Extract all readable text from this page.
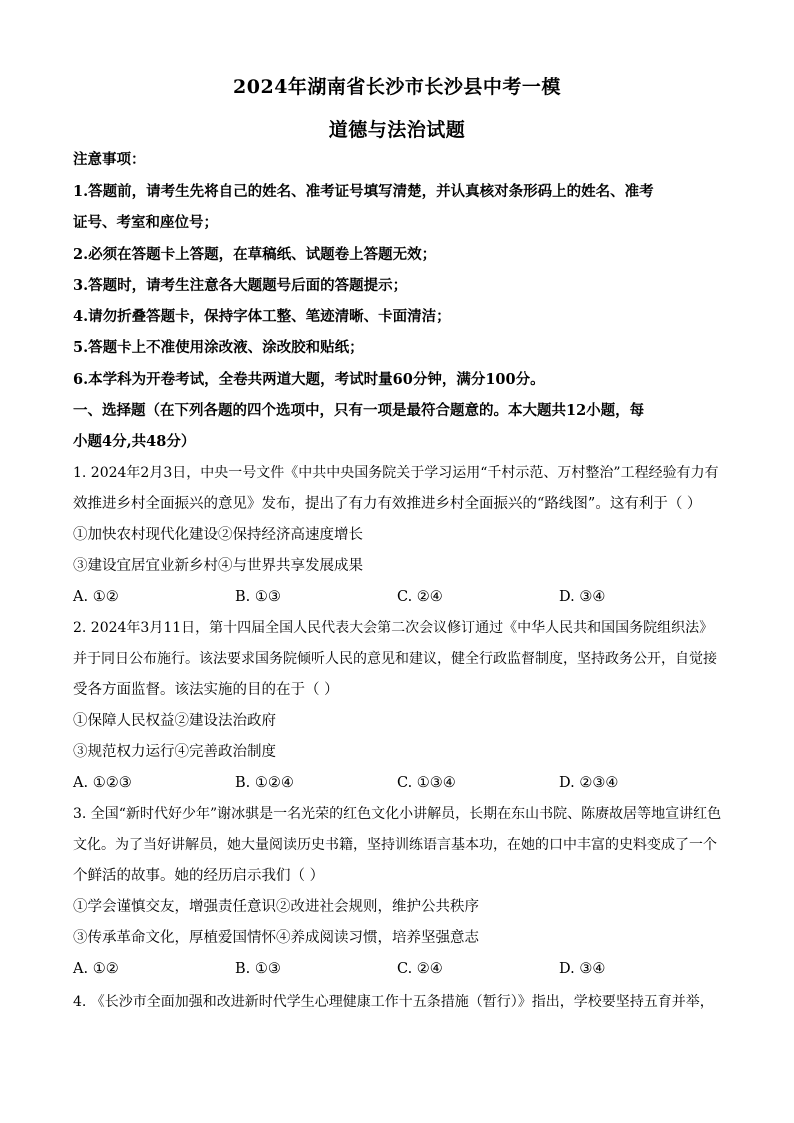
2024年湖南省长沙市长沙县中考一模
道德与法治试题
注意事项：
1.答题前，请考生先将自己的姓名、准考证号填写清楚，并认真核对条形码上的姓名、准考
证号、考室和座位号；
2.必须在答题卡上答题，在草稿纸、试题卷上答题无效；
3.答题时，请考生注意各大题题号后面的答题提示；
4.请勿折叠答题卡，保持字体工整、笔迹清晰、卡面清洁；
5.答题卡上不准使用涂改液、涂改胶和贴纸；
6.本学科为开卷考试，全卷共两道大题，考试时量60分钟，满分100分。
一、选择题（在下列各题的四个选项中，只有一项是最符合题意的。本大题共12小题，每
小题4分,共48分）
1. 2024年2月3日，中央一号文件《中共中央国务院关于学习运用“千村示范、万村整治”工程经验有力有
效推进乡村全面振兴的意见》发布，提出了有力有效推进乡村全面振兴的“路线图”。这有利于（ ）
①加快农村现代化建设②保持经济高速度增长
③建设宜居宜业新乡村④与世界共享发展成果
A. ①②	B. ①③	C. ②④	D. ③④
2. 2024年3月11日，第十四届全国人民代表大会第二次会议修订通过《中华人民共和国国务院组织法》
并于同日公布施行。该法要求国务院倾听人民的意见和建议，健全行政监督制度，坚持政务公开，自觉接
受各方面监督。该法实施的目的在于（ ）
①保障人民权益②建设法治政府
③规范权力运行④完善政治制度
A. ①②③	B. ①②④	C. ①③④	D. ②③④
3. 全国“新时代好少年”谢冰骐是一名光荣的红色文化小讲解员，长期在东山书院、陈赓故居等地宣讲红色
文化。为了当好讲解员，她大量阅读历史书籍，坚持训练语言基本功，在她的口中丰富的史料变成了一个
个鲜活的故事。她的经历启示我们（ ）
①学会谨慎交友，增强责任意识②改进社会规则，维护公共秩序
③传承革命文化，厚植爱国情怀④养成阅读习惯，培养坚强意志
A. ①②	B. ①③	C. ②④	D. ③④
4. 《长沙市全面加强和改进新时代学生心理健康工作十五条措施（暂行）》指出，学校要坚持五育并举，
